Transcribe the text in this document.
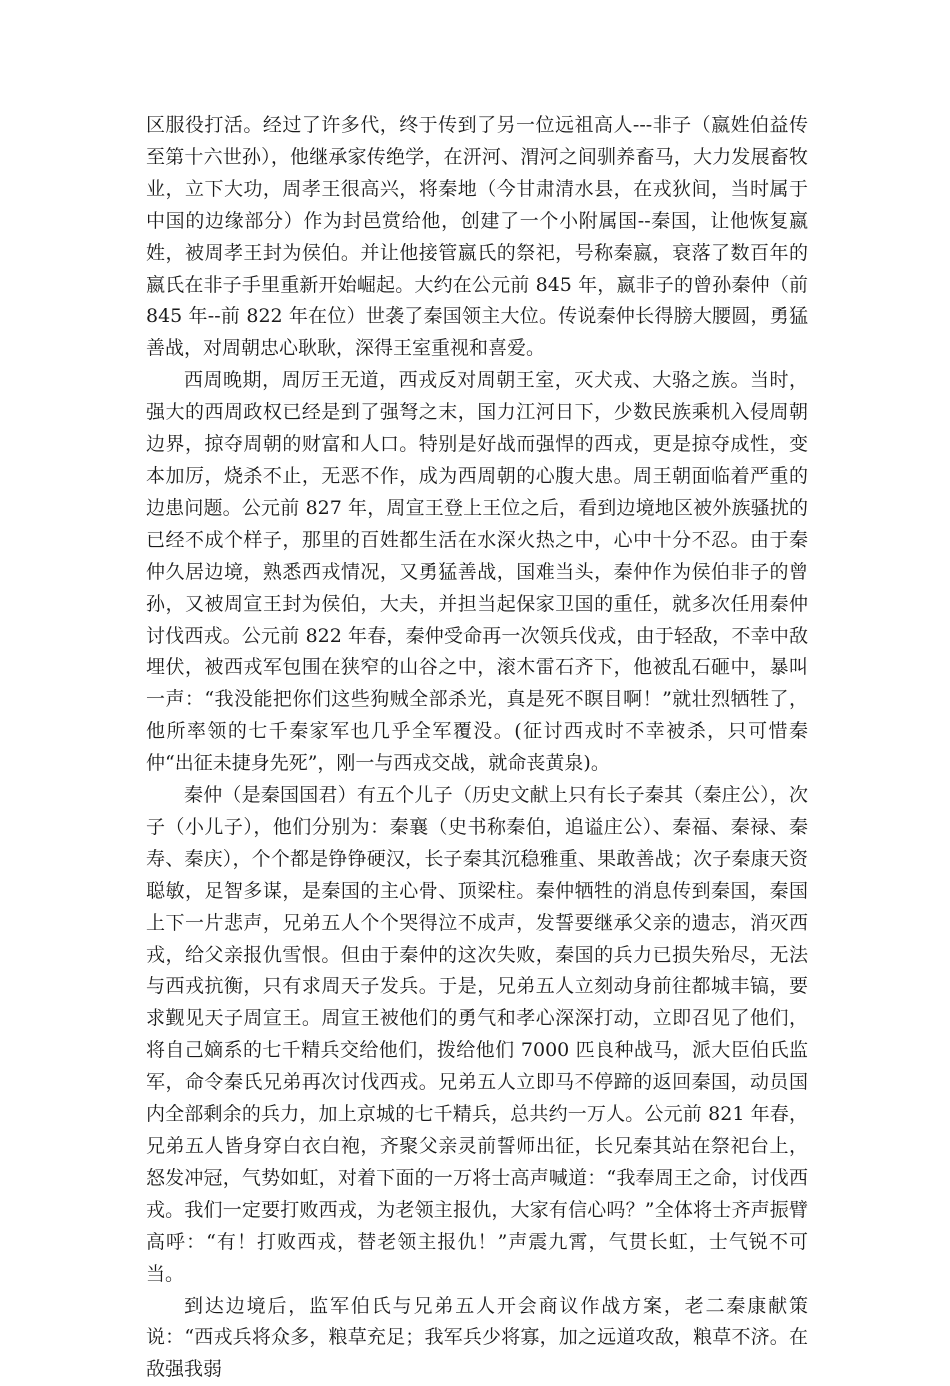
区服役打活。经过了许多代，终于传到了另一位远祖高人---非子（嬴姓伯益传至第十六世孙），他继承家传绝学，在汧河、渭河之间驯养畜马，大力发展畜牧业，立下大功，周孝王很高兴，将秦地（今甘肃清水县，在戎狄间，当时属于中国的边缘部分）作为封邑赏给他，创建了一个小附属国--秦国，让他恢复嬴姓，被周孝王封为侯伯。并让他接管嬴氏的祭祀，号称秦嬴，衰落了数百年的嬴氏在非子手里重新开始崛起。大约在公元前 845 年，嬴非子的曾孙秦仲（前 845 年--前 822 年在位）世袭了秦国领主大位。传说秦仲长得膀大腰圆，勇猛善战，对周朝忠心耿耿，深得王室重视和喜爱。

西周晚期，周厉王无道，西戎反对周朝王室，灭犬戎、大骆之族。当时，强大的西周政权已经是到了强弩之末，国力江河日下，少数民族乘机入侵周朝边界，掠夺周朝的财富和人口。特别是好战而强悍的西戎，更是掠夺成性，变本加厉，烧杀不止，无恶不作，成为西周朝的心腹大患。周王朝面临着严重的边患问题。公元前 827 年，周宣王登上王位之后，看到边境地区被外族骚扰的已经不成个样子，那里的百姓都生活在水深火热之中，心中十分不忍。由于秦仲久居边境，熟悉西戎情况，又勇猛善战，国难当头，秦仲作为侯伯非子的曾孙，又被周宣王封为侯伯，大夫，并担当起保家卫国的重任，就多次任用秦仲讨伐西戎。公元前 822 年春，秦仲受命再一次领兵伐戎，由于轻敌，不幸中敌埋伏，被西戎军包围在狭窄的山谷之中，滚木雷石齐下，他被乱石砸中，暴叫一声：“我没能把你们这些狗贼全部杀光，真是死不瞑目啊！”就壮烈牺牲了，他所率领的七千秦家军也几乎全军覆没。(征讨西戎时不幸被杀，只可惜秦仲“出征未捷身先死”，刚一与西戎交战，就命丧黄泉)。

秦仲（是秦国国君）有五个儿子（历史文献上只有长子秦其（秦庄公），次子（小儿子），他们分别为：秦襄（史书称秦伯，追谥庄公）、秦福、秦禄、秦寿、秦庆），个个都是铮铮硬汉，长子秦其沉稳雅重、果敢善战；次子秦康天资聪敏，足智多谋，是秦国的主心骨、顶梁柱。秦仲牺牲的消息传到秦国，秦国上下一片悲声，兄弟五人个个哭得泣不成声，发誓要继承父亲的遗志，消灭西戎，给父亲报仇雪恨。但由于秦仲的这次失败，秦国的兵力已损失殆尽，无法与西戎抗衡，只有求周天子发兵。于是，兄弟五人立刻动身前往都城丰镐，要求觐见天子周宣王。周宣王被他们的勇气和孝心深深打动，立即召见了他们，将自己嫡系的七千精兵交给他们，拨给他们 7000 匹良种战马，派大臣伯氏监军，命令秦氏兄弟再次讨伐西戎。兄弟五人立即马不停蹄的返回秦国，动员国内全部剩余的兵力，加上京城的七千精兵，总共约一万人。公元前 821 年春，兄弟五人皆身穿白衣白袍，齐聚父亲灵前誓师出征，长兄秦其站在祭祀台上，怒发冲冠，气势如虹，对着下面的一万将士高声喊道：“我奉周王之命，讨伐西戎。我们一定要打败西戎，为老领主报仇，大家有信心吗？”全体将士齐声振臂高呼：“有！打败西戎，替老领主报仇！”声震九霄，气贯长虹，士气锐不可当。

到达边境后，监军伯氏与兄弟五人开会商议作战方案，老二秦康献策说：“西戎兵将众多，粮草充足；我军兵少将寡，加之远道攻敌，粮草不济。在敌强我弱
